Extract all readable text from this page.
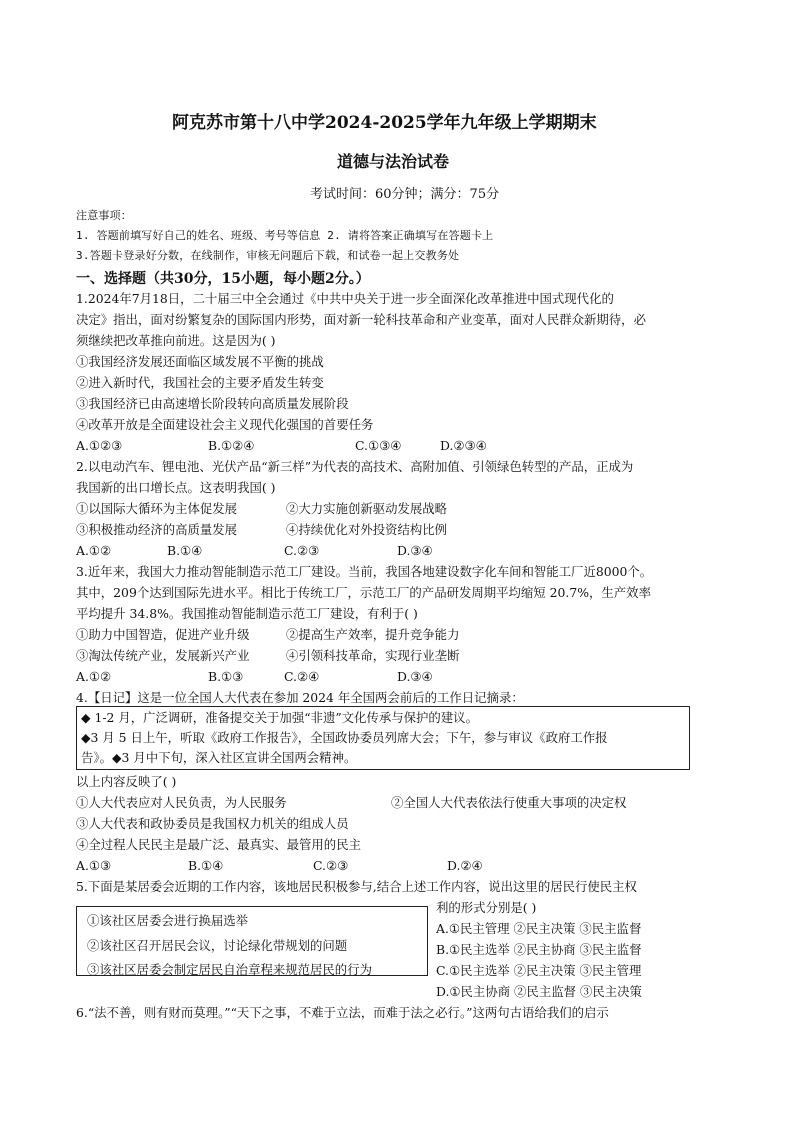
阿克苏市第十八中学2024-2025学年九年级上学期期末
道德与法治试卷
考试时间：60分钟；满分：75分
注意事项：
1. 答题前填写好自己的姓名、班级、考号等信息 2. 请将答案正确填写在答题卡上
3.答题卡登录好分数，在线制作，审核无问题后下载，和试卷一起上交教务处
一、选择题（共30分，15小题，每小题2分。）
1.2024年7月18日，二十届三中全会通过《中共中央关于进一步全面深化改革推进中国式现代化的
决定》指出，面对纷繁复杂的国际国内形势，面对新一轮科技革命和产业变革，面对人民群众新期待，必
须继续把改革推向前进。这是因为( )
①我国经济发展还面临区域发展不平衡的挑战
②进入新时代，我国社会的主要矛盾发生转变
③我国经济已由高速增长阶段转向高质量发展阶段
④改革开放是全面建设社会主义现代化强国的首要任务
A.①②③	B.①②④	C.①③④	D.②③④
2.以电动汽车、锂电池、光伏产品“新三样”为代表的高技术、高附加值、引领绿色转型的产品，正成为
我国新的出口增长点。这表明我国( )
①以国际大循环为主体促发展	②大力实施创新驱动发展战略
③积极推动经济的高质量发展	④持续优化对外投资结构比例
A.①②	B.①④	C.②③	D.③④
3.近年来，我国大力推动智能制造示范工厂建设。当前，我国各地建设数字化车间和智能工厂近8000个。
其中，209个达到国际先进水平。相比于传统工厂，示范工厂的产品研发周期平均缩短 20.7%，生产效率
平均提升 34.8%。我国推动智能制造示范工厂建设，有利于( )
①助力中国智造，促进产业升级	②提高生产效率，提升竞争能力
③淘汰传统产业，发展新兴产业	④引领科技革命，实现行业垄断
A.①②	B.①③	C.②④	D.③④
4.【日记】这是一位全国人大代表在参加 2024 年全国两会前后的工作日记摘录：
◆ 1-2 月，广泛调研，准备提交关于加强“非遗”文化传承与保护的建议。
◆3 月 5 日上午，听取《政府工作报告》，全国政协委员列席大会；下午，参与审议《政府工作报
告》。◆3 月中下旬，深入社区宣讲全国两会精神。
以上内容反映了( )
①人大代表应对人民负责，为人民服务	②全国人大代表依法行使重大事项的决定权
③人大代表和政协委员是我国权力机关的组成人员
④全过程人民民主是最广泛、最真实、最管用的民主
A.①③	B.①④	C.②③	D.②④
5.下面是某居委会近期的工作内容，该地居民积极参与,结合上述工作内容，说出这里的居民行使民主权
利的形式分别是( )
①该社区居委会进行换届选举
②该社区召开居民会议，讨论绿化带规划的问题
③该社区居委会制定居民自治章程来规范居民的行为
A.①民主管理 ②民主决策 ③民主监督
B.①民主选举 ②民主协商 ③民主监督
C.①民主选举 ②民主决策 ③民主管理
D.①民主协商 ②民主监督 ③民主决策
6.“法不善，则有财而莫理。”“天下之事，不难于立法，而难于法之必行。”这两句古语给我们的启示
